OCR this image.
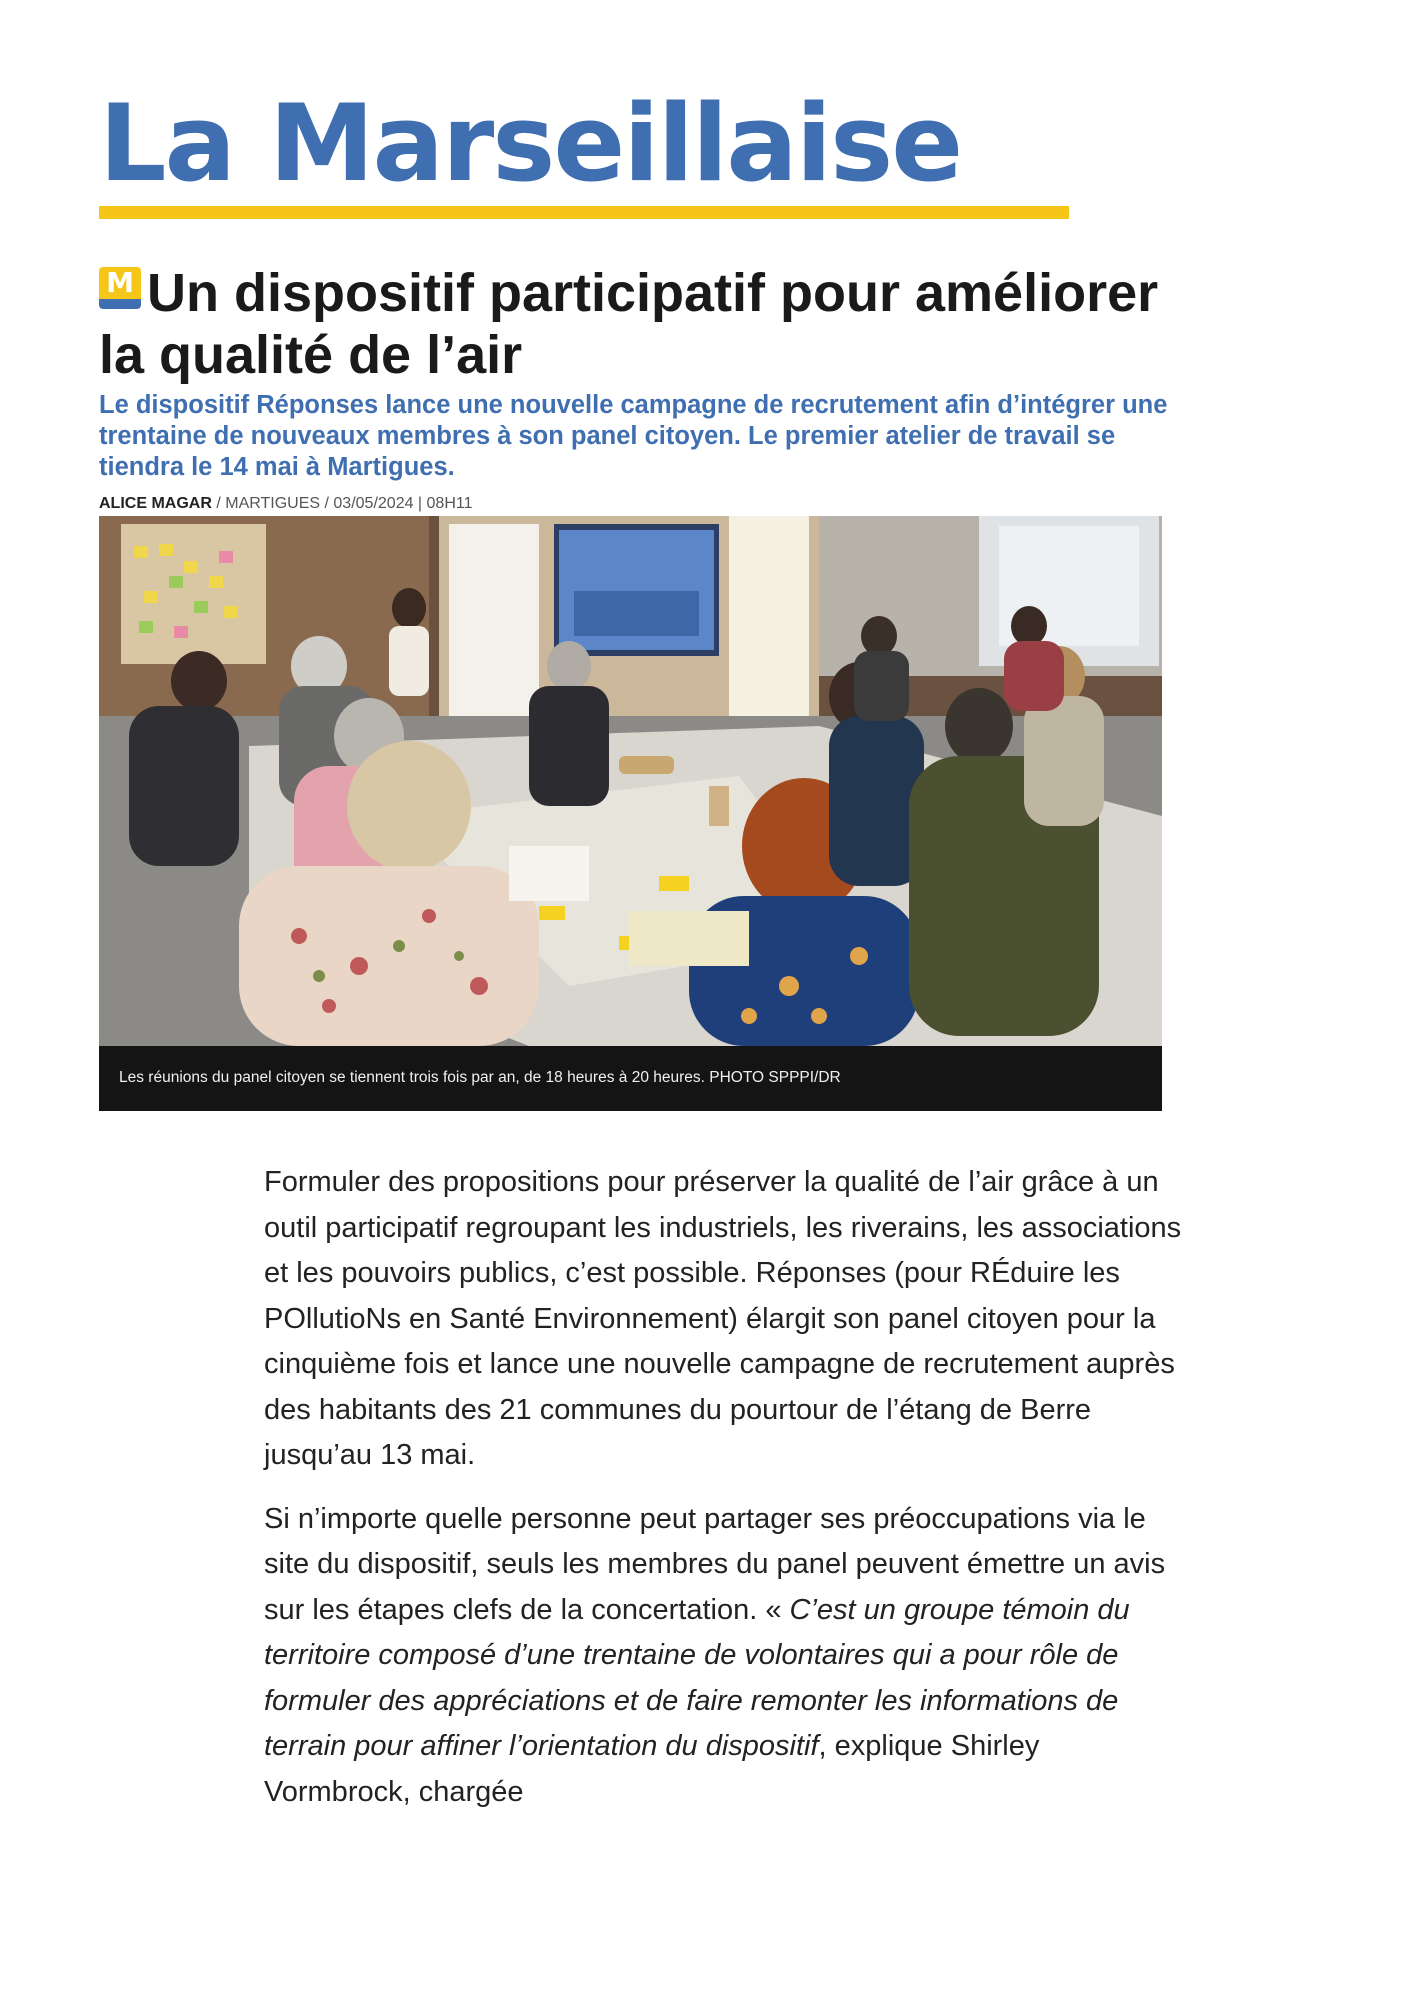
La Marseillaise
M Un dispositif participatif pour améliorer la qualité de l’air

Le dispositif Réponses lance une nouvelle campagne de recrutement afin d’intégrer une trentaine de nouveaux membres à son panel citoyen. Le premier atelier de travail se tiendra le 14 mai à Martigues.

ALICE MAGAR / MARTIGUES / 03/05/2024 | 08H11
Les réunions du panel citoyen se tiennent trois fois par an, de 18 heures à 20 heures. PHOTO SPPPI/DR

Formuler des propositions pour préserver la qualité de l’air grâce à un outil participatif regroupant les industriels, les riverains, les associations et les pouvoirs publics, c’est possible. Réponses (pour RÉduire les POllutioNs en Santé Environnement) élargit son panel citoyen pour la cinquième fois et lance une nouvelle campagne de recrutement auprès des habitants des 21 communes du pourtour de l’étang de Berre jusqu’au 13 mai.

Si n’importe quelle personne peut partager ses préoccupations via le site du dispositif, seuls les membres du panel peuvent émettre un avis sur les étapes clefs de la concertation. « C’est un groupe témoin du territoire composé d’une trentaine de volontaires qui a pour rôle de formuler des appréciations et de faire remonter les informations de terrain pour affiner l’orientation du dispositif, explique Shirley Vormbrock, chargée
